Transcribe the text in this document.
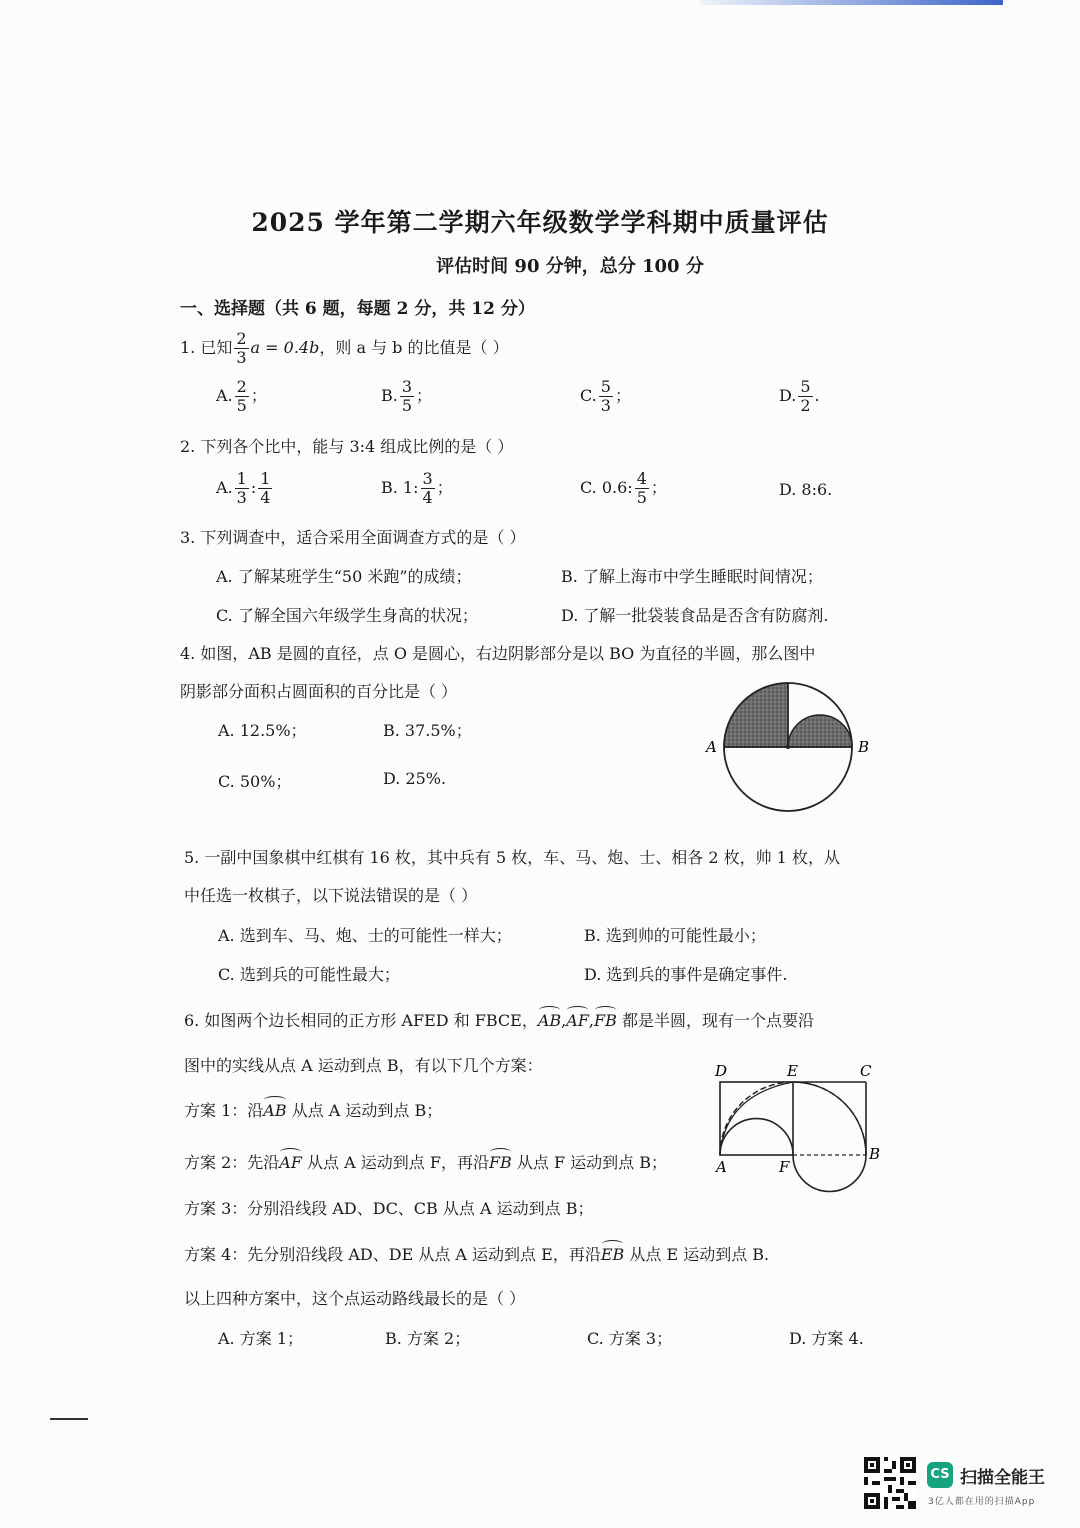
2025 学年第二学期六年级数学学科期中质量评估
评估时间 90 分钟，总分 100 分
一、选择题（共 6 题，每题 2 分，共 12 分）
1. 已知 $\frac{2}{3}$ a = 0.4b，则 a 与 b 的比值是（ ）
A. $\frac{2}{5}$ ；	B. $\frac{3}{5}$ ；	C. $\frac{5}{3}$ ；	D. $\frac{5}{2}$ .
2. 下列各个比中，能与 3:4 组成比例的是（ ）
A. $\frac{1}{3}$ : $\frac{1}{4}$	B. 1: $\frac{3}{4}$ ；	C. 0.6: $\frac{4}{5}$ ；	D. 8:6.
3. 下列调查中，适合采用全面调查方式的是（ ）
A. 了解某班学生“50 米跑”的成绩；	B. 了解上海市中学生睡眠时间情况；
C. 了解全国六年级学生身高的状况；	D. 了解一批袋装食品是否含有防腐剂.
4. 如图，AB 是圆的直径，点 O 是圆心，右边阴影部分是以 BO 为直径的半圆，那么图中
阴影部分面积占圆面积的百分比是（ ）
A. 12.5%；	B. 37.5%；
C. 50%；	D. 25%.
A	B
5. 一副中国象棋中红棋有 16 枚，其中兵有 5 枚，车、马、炮、士、相各 2 枚，帅 1 枚，从
中任选一枚棋子，以下说法错误的是（ ）
A. 选到车、马、炮、士的可能性一样大；	B. 选到帅的可能性最小；
C. 选到兵的可能性最大；	D. 选到兵的事件是确定事件.
6. 如图两个边长相同的正方形 AFED 和 FBCE，AB,AF,FB 都是半圆，现有一个点要沿
图中的实线从点 A 运动到点 B，有以下几个方案：
方案 1：沿AB 从点 A 运动到点 B；
方案 2：先沿AF 从点 A 运动到点 F，再沿FB 从点 F 运动到点 B；
方案 3：分别沿线段 AD、DC、CB 从点 A 运动到点 B；
方案 4：先分别沿线段 AD、DE 从点 A 运动到点 E，再沿EB 从点 E 运动到点 B.
以上四种方案中，这个点运动路线最长的是（ ）
A. 方案 1；	B. 方案 2；	C. 方案 3；	D. 方案 4.
D	E	C
A	F
B
CS 扫描全能王
3亿人都在用的扫描App
